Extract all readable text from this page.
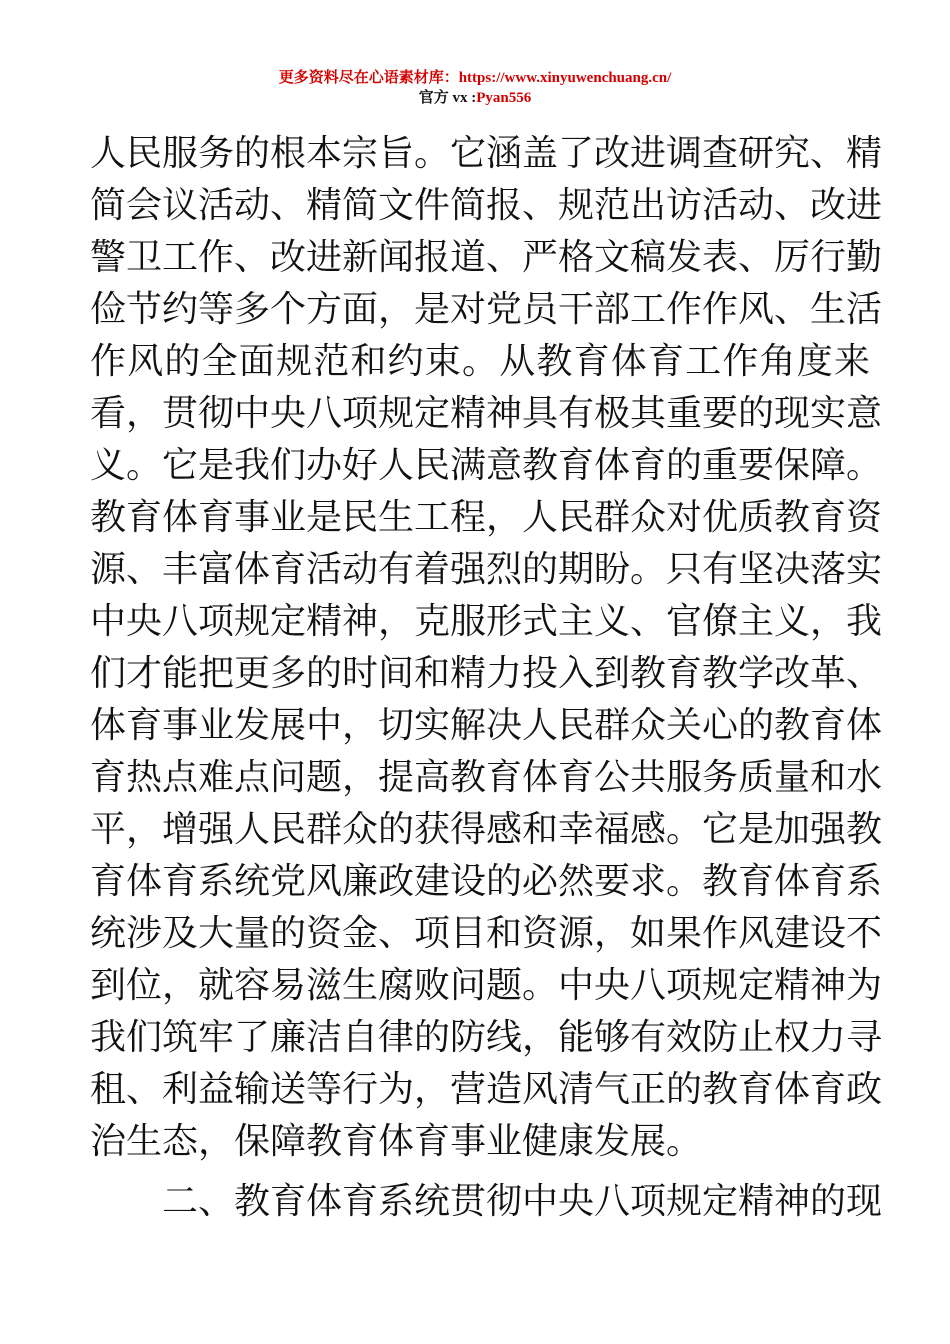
更多资料尽在心语素材库：https://www.xinyuwenchuang.cn/
官方 vx :Pyan556
人民服务的根本宗旨。它涵盖了改进调查研究、精
简会议活动、精简文件简报、规范出访活动、改进
警卫工作、改进新闻报道、严格文稿发表、厉行勤
俭节约等多个方面，是对党员干部工作作风、生活
作风的全面规范和约束。从教育体育工作角度来
看，贯彻中央八项规定精神具有极其重要的现实意
义。它是我们办好人民满意教育体育的重要保障。
教育体育事业是民生工程，人民群众对优质教育资
源、丰富体育活动有着强烈的期盼。只有坚决落实
中央八项规定精神，克服形式主义、官僚主义，我
们才能把更多的时间和精力投入到教育教学改革、
体育事业发展中，切实解决人民群众关心的教育体
育热点难点问题，提高教育体育公共服务质量和水
平，增强人民群众的获得感和幸福感。它是加强教
育体育系统党风廉政建设的必然要求。教育体育系
统涉及大量的资金、项目和资源，如果作风建设不
到位，就容易滋生腐败问题。中央八项规定精神为
我们筑牢了廉洁自律的防线，能够有效防止权力寻
租、利益输送等行为，营造风清气正的教育体育政
治生态，保障教育体育事业健康发展。
二、教育体育系统贯彻中央八项规定精神的现
